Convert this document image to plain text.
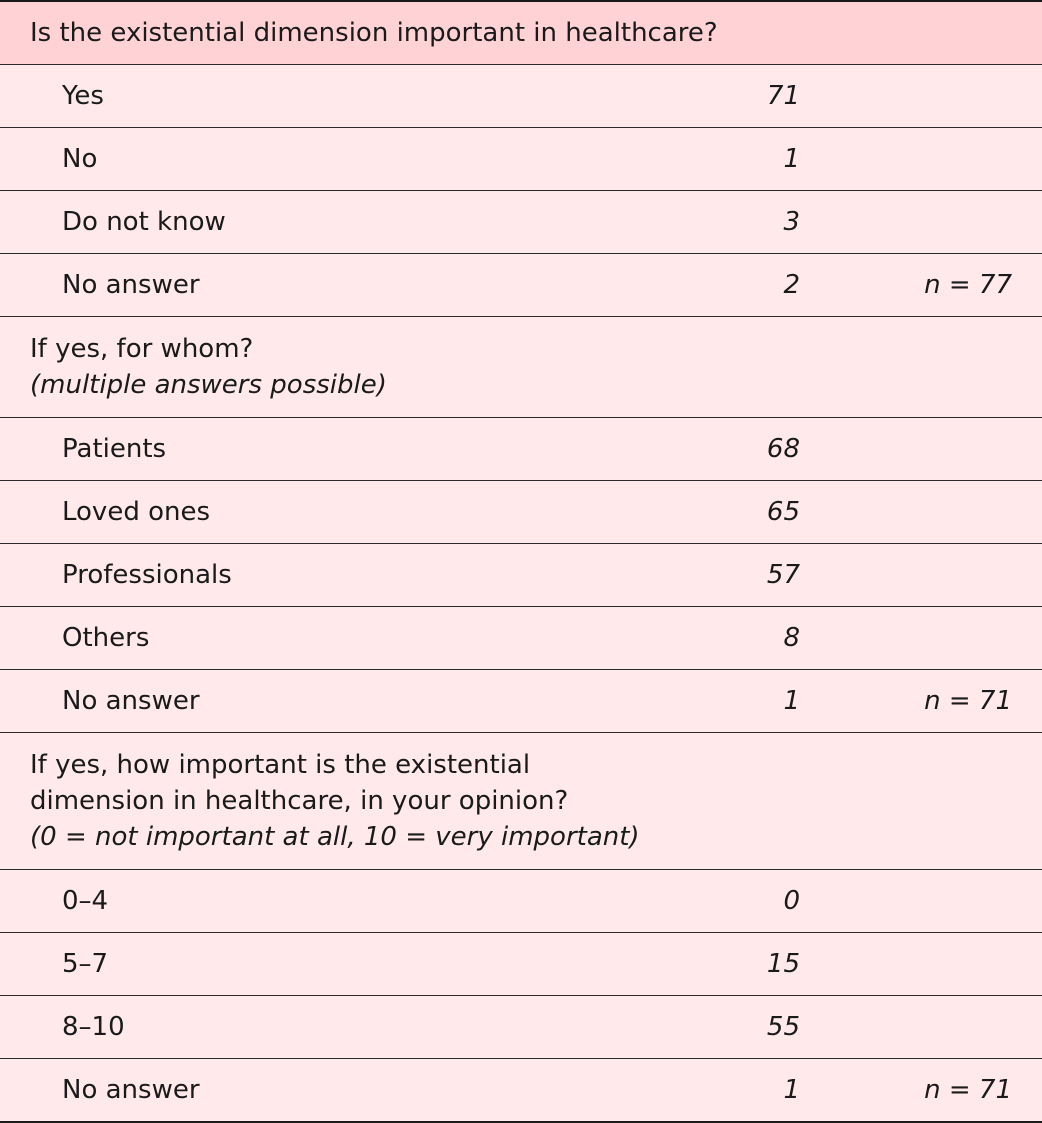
Is the existential dimension important in healthcare?		
Yes	71	
No	1	
Do not know	3	
No answer	2	n = 77

If yes, for whom?
(multiple answers possible)		

Patients	68	
Loved ones	65	
Professionals	57	
Others	8	
No answer	1	n = 71

If yes, how important is the existential
dimension in healthcare, in your opinion?
(0 = not important at all, 10 = very important)		

0–4	0	
5–7	15	
8–10	55	
No answer	1	n = 71
